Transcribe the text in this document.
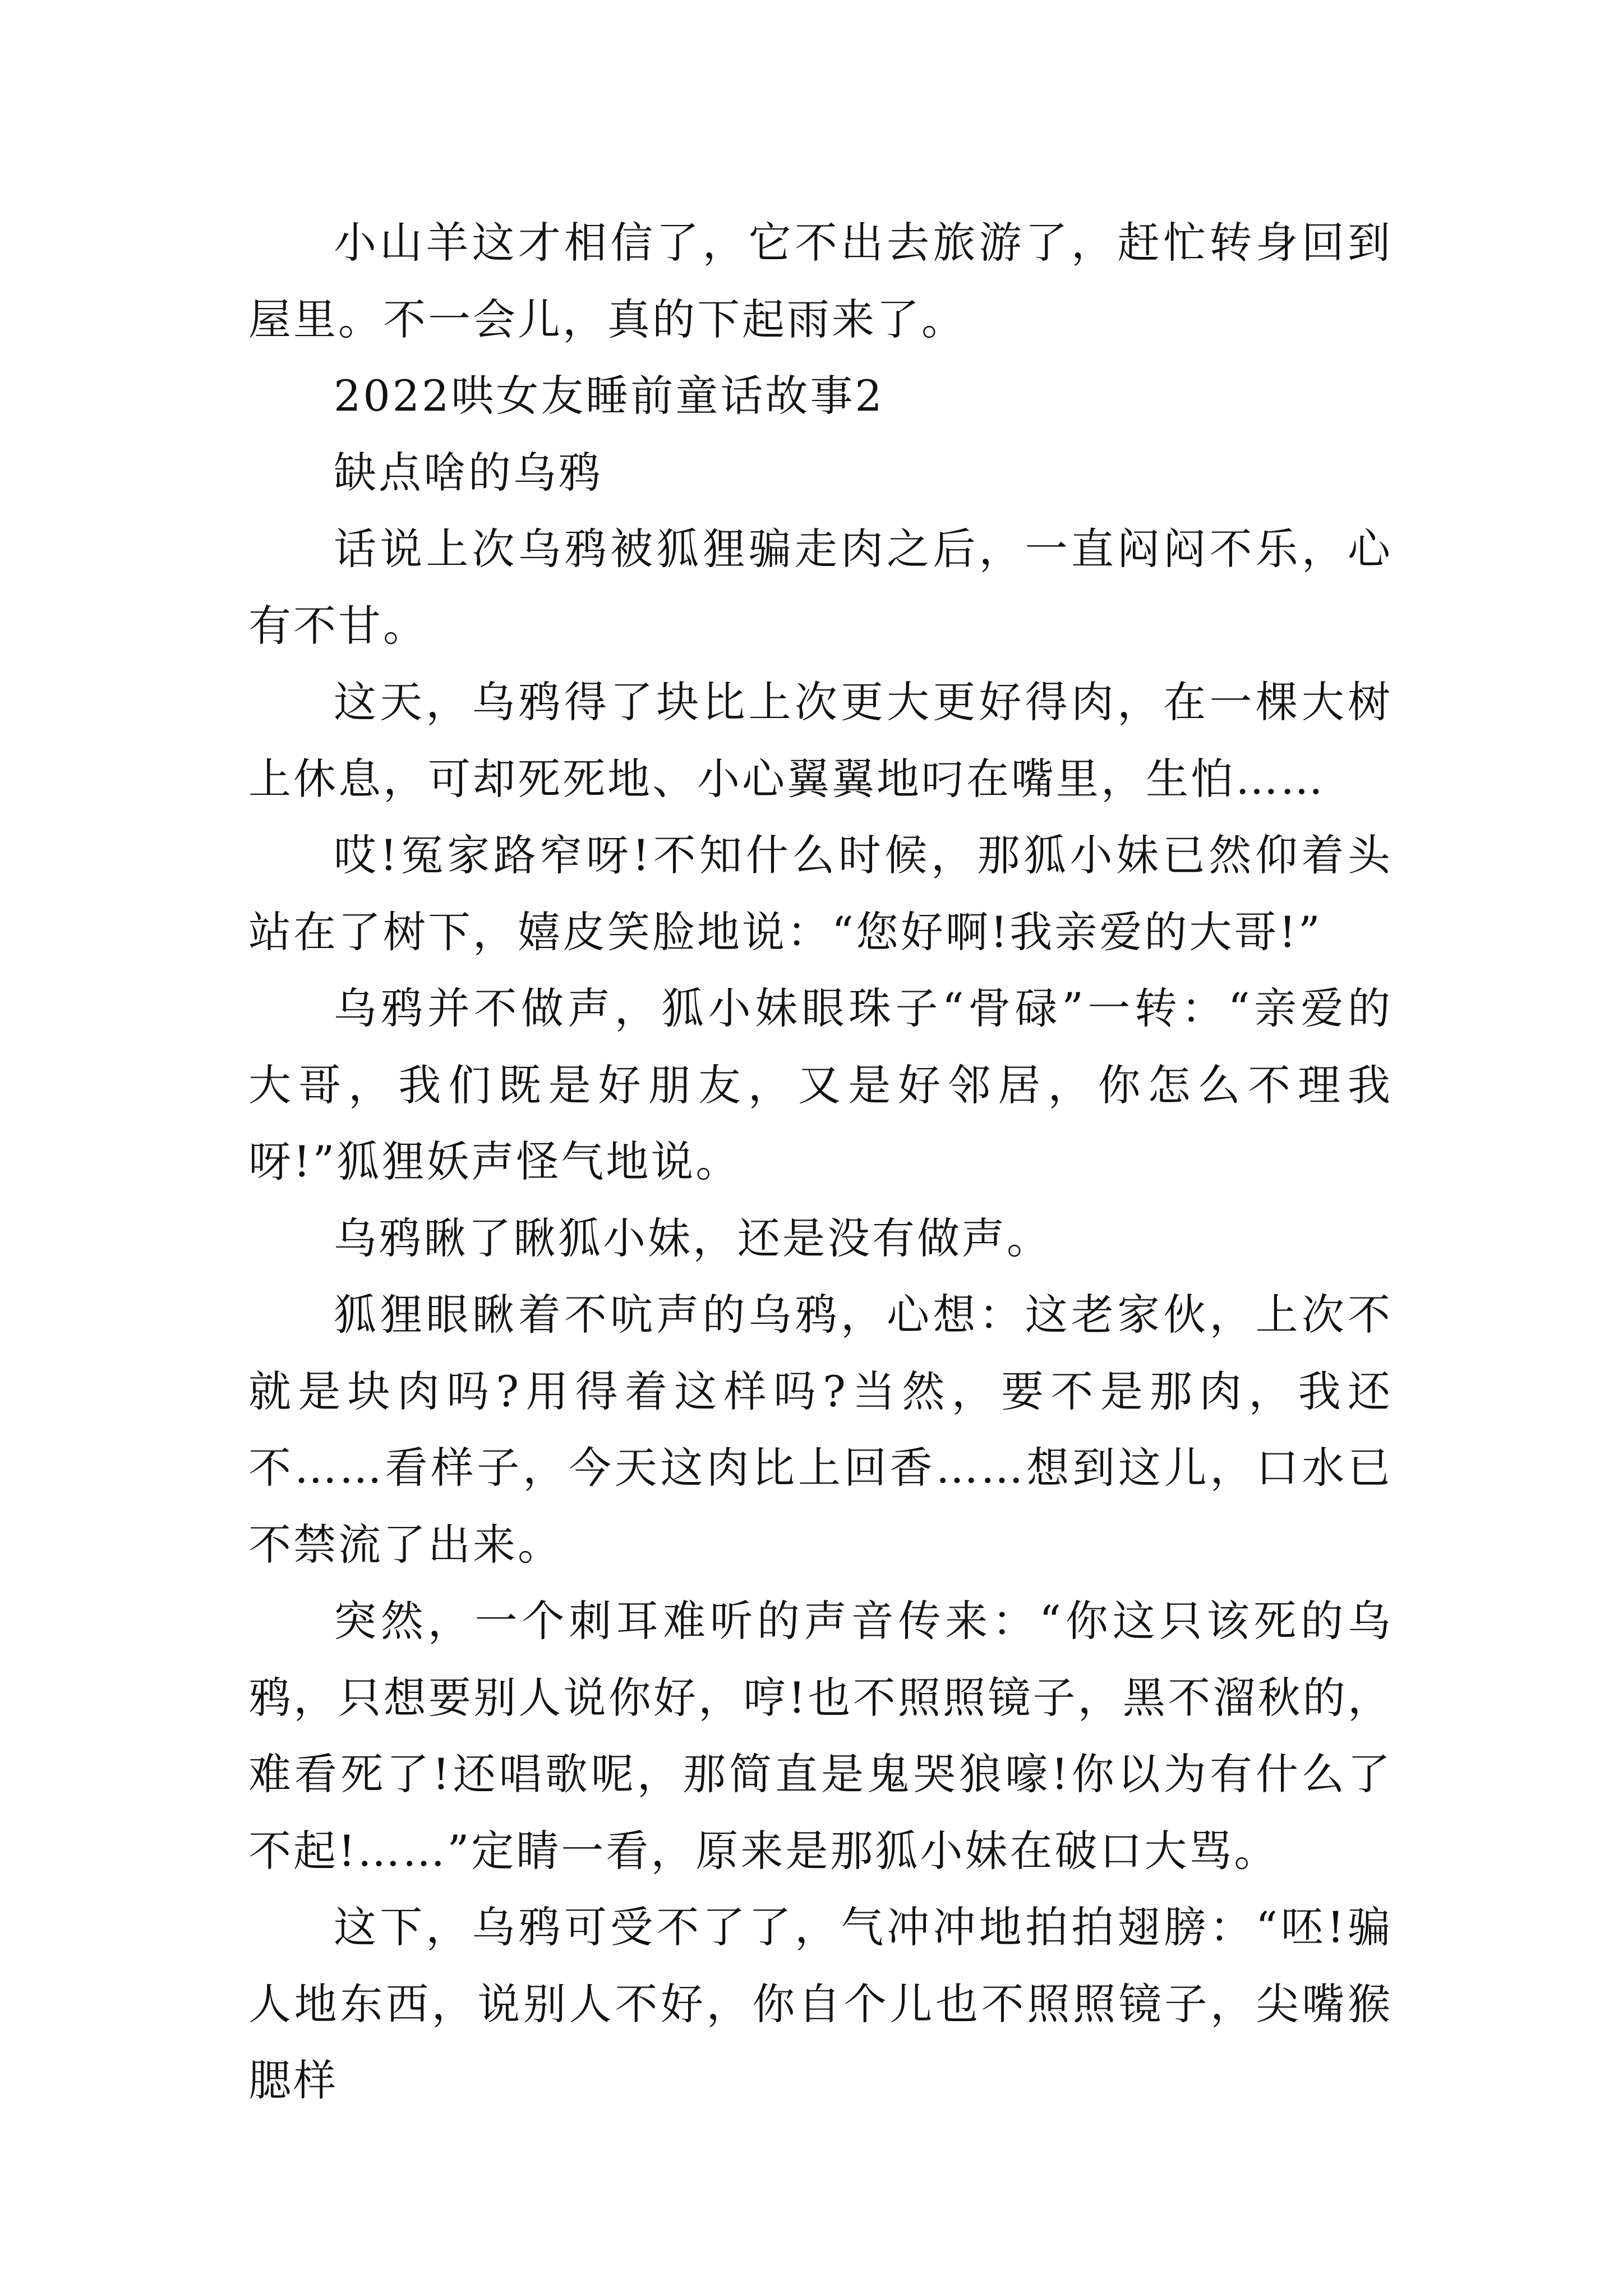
小山羊这才相信了，它不出去旅游了，赶忙转身回到屋里。不一会儿，真的下起雨来了。

2022哄女友睡前童话故事2

缺点啥的乌鸦

话说上次乌鸦被狐狸骗走肉之后，一直闷闷不乐，心有不甘。

这天，乌鸦得了块比上次更大更好得肉，在一棵大树上休息，可却死死地、小心翼翼地叼在嘴里，生怕……

哎!冤家路窄呀!不知什么时候，那狐小妹已然仰着头站在了树下，嬉皮笑脸地说：“您好啊!我亲爱的大哥!”

乌鸦并不做声，狐小妹眼珠子“骨碌”一转：“亲爱的大哥，我们既是好朋友，又是好邻居，你怎么不理我呀!”狐狸妖声怪气地说。

乌鸦瞅了瞅狐小妹，还是没有做声。

狐狸眼瞅着不吭声的乌鸦，心想：这老家伙，上次不就是块肉吗?用得着这样吗?当然，要不是那肉，我还不……看样子，今天这肉比上回香……想到这儿，口水已不禁流了出来。

突然，一个刺耳难听的声音传来：“你这只该死的乌鸦，只想要别人说你好，哼!也不照照镜子，黑不溜秋的，难看死了!还唱歌呢，那简直是鬼哭狼嚎!你以为有什么了不起!……”定睛一看，原来是那狐小妹在破口大骂。

这下，乌鸦可受不了了，气冲冲地拍拍翅膀：“呸!骗人地东西，说别人不好，你自个儿也不照照镜子，尖嘴猴腮样
